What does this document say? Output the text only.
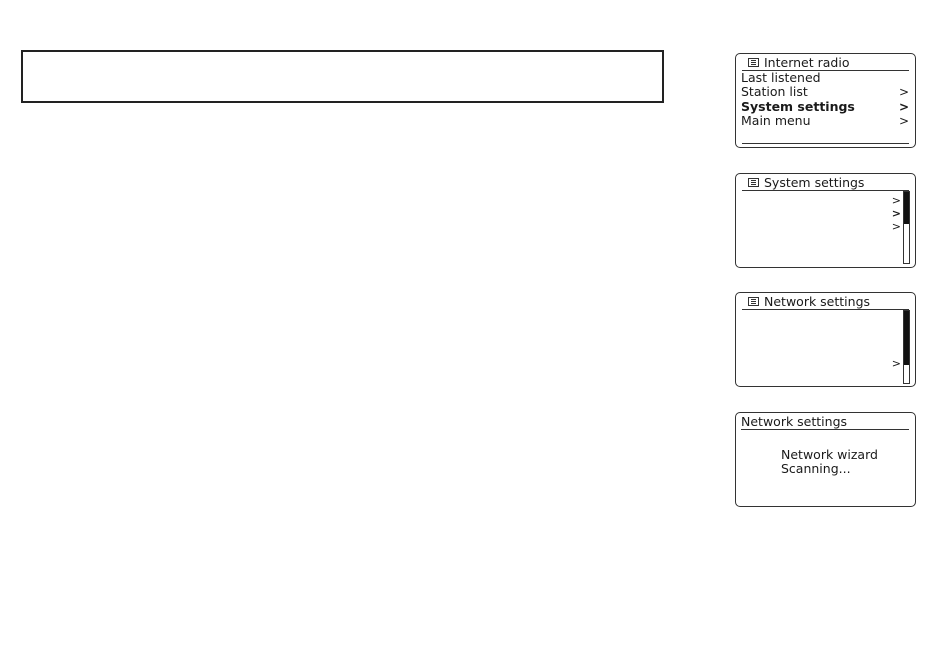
Internet radio
Last listened
Station list	>
System settings	>
Main menu	>
System settings
>
>
>
Network settings
>
Network settings
Network wizard
Scanning...
